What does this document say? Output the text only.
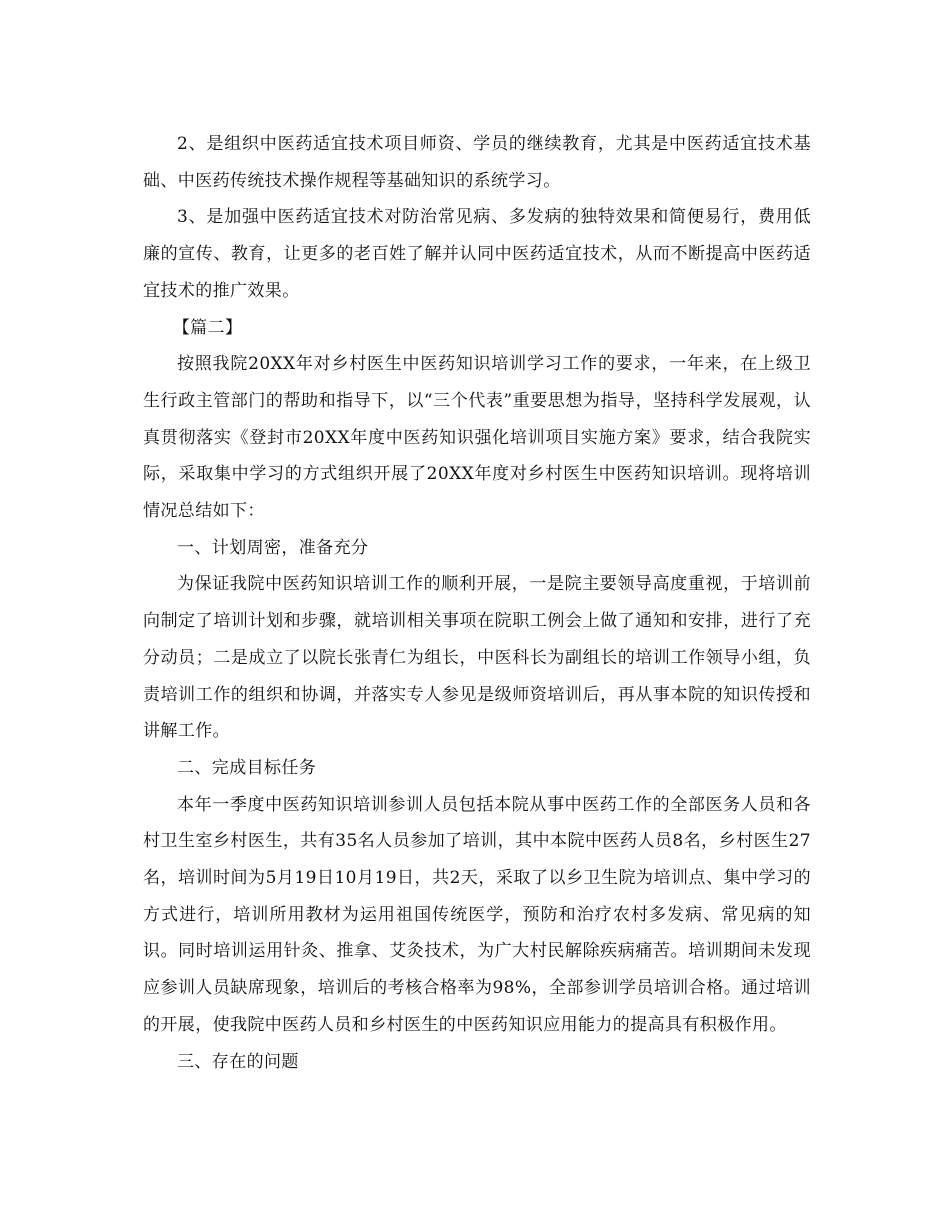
2、是组织中医药适宜技术项目师资、学员的继续教育，尤其是中医药适宜技术基础、中医药传统技术操作规程等基础知识的系统学习。

3、是加强中医药适宜技术对防治常见病、多发病的独特效果和简便易行，费用低廉的宣传、教育，让更多的老百姓了解并认同中医药适宜技术，从而不断提高中医药适宜技术的推广效果。

【篇二】

按照我院20XX年对乡村医生中医药知识培训学习工作的要求，一年来，在上级卫生行政主管部门的帮助和指导下，以“三个代表”重要思想为指导，坚持科学发展观，认真贯彻落实《登封市20XX年度中医药知识强化培训项目实施方案》要求，结合我院实际，采取集中学习的方式组织开展了20XX年度对乡村医生中医药知识培训。现将培训情况总结如下：

一、计划周密，准备充分

为保证我院中医药知识培训工作的顺利开展，一是院主要领导高度重视，于培训前向制定了培训计划和步骤，就培训相关事项在院职工例会上做了通知和安排，进行了充分动员；二是成立了以院长张青仁为组长，中医科长为副组长的培训工作领导小组，负责培训工作的组织和协调，并落实专人参见是级师资培训后，再从事本院的知识传授和讲解工作。

二、完成目标任务

本年一季度中医药知识培训参训人员包括本院从事中医药工作的全部医务人员和各村卫生室乡村医生，共有35名人员参加了培训，其中本院中医药人员8名，乡村医生27名，培训时间为5月19日10月19日，共2天，采取了以乡卫生院为培训点、集中学习的方式进行，培训所用教材为运用祖国传统医学，预防和治疗农村多发病、常见病的知识。同时培训运用针灸、推拿、艾灸技术，为广大村民解除疾病痛苦。培训期间未发现应参训人员缺席现象，培训后的考核合格率为98%，全部参训学员培训合格。通过培训的开展，使我院中医药人员和乡村医生的中医药知识应用能力的提高具有积极作用。

三、存在的问题
